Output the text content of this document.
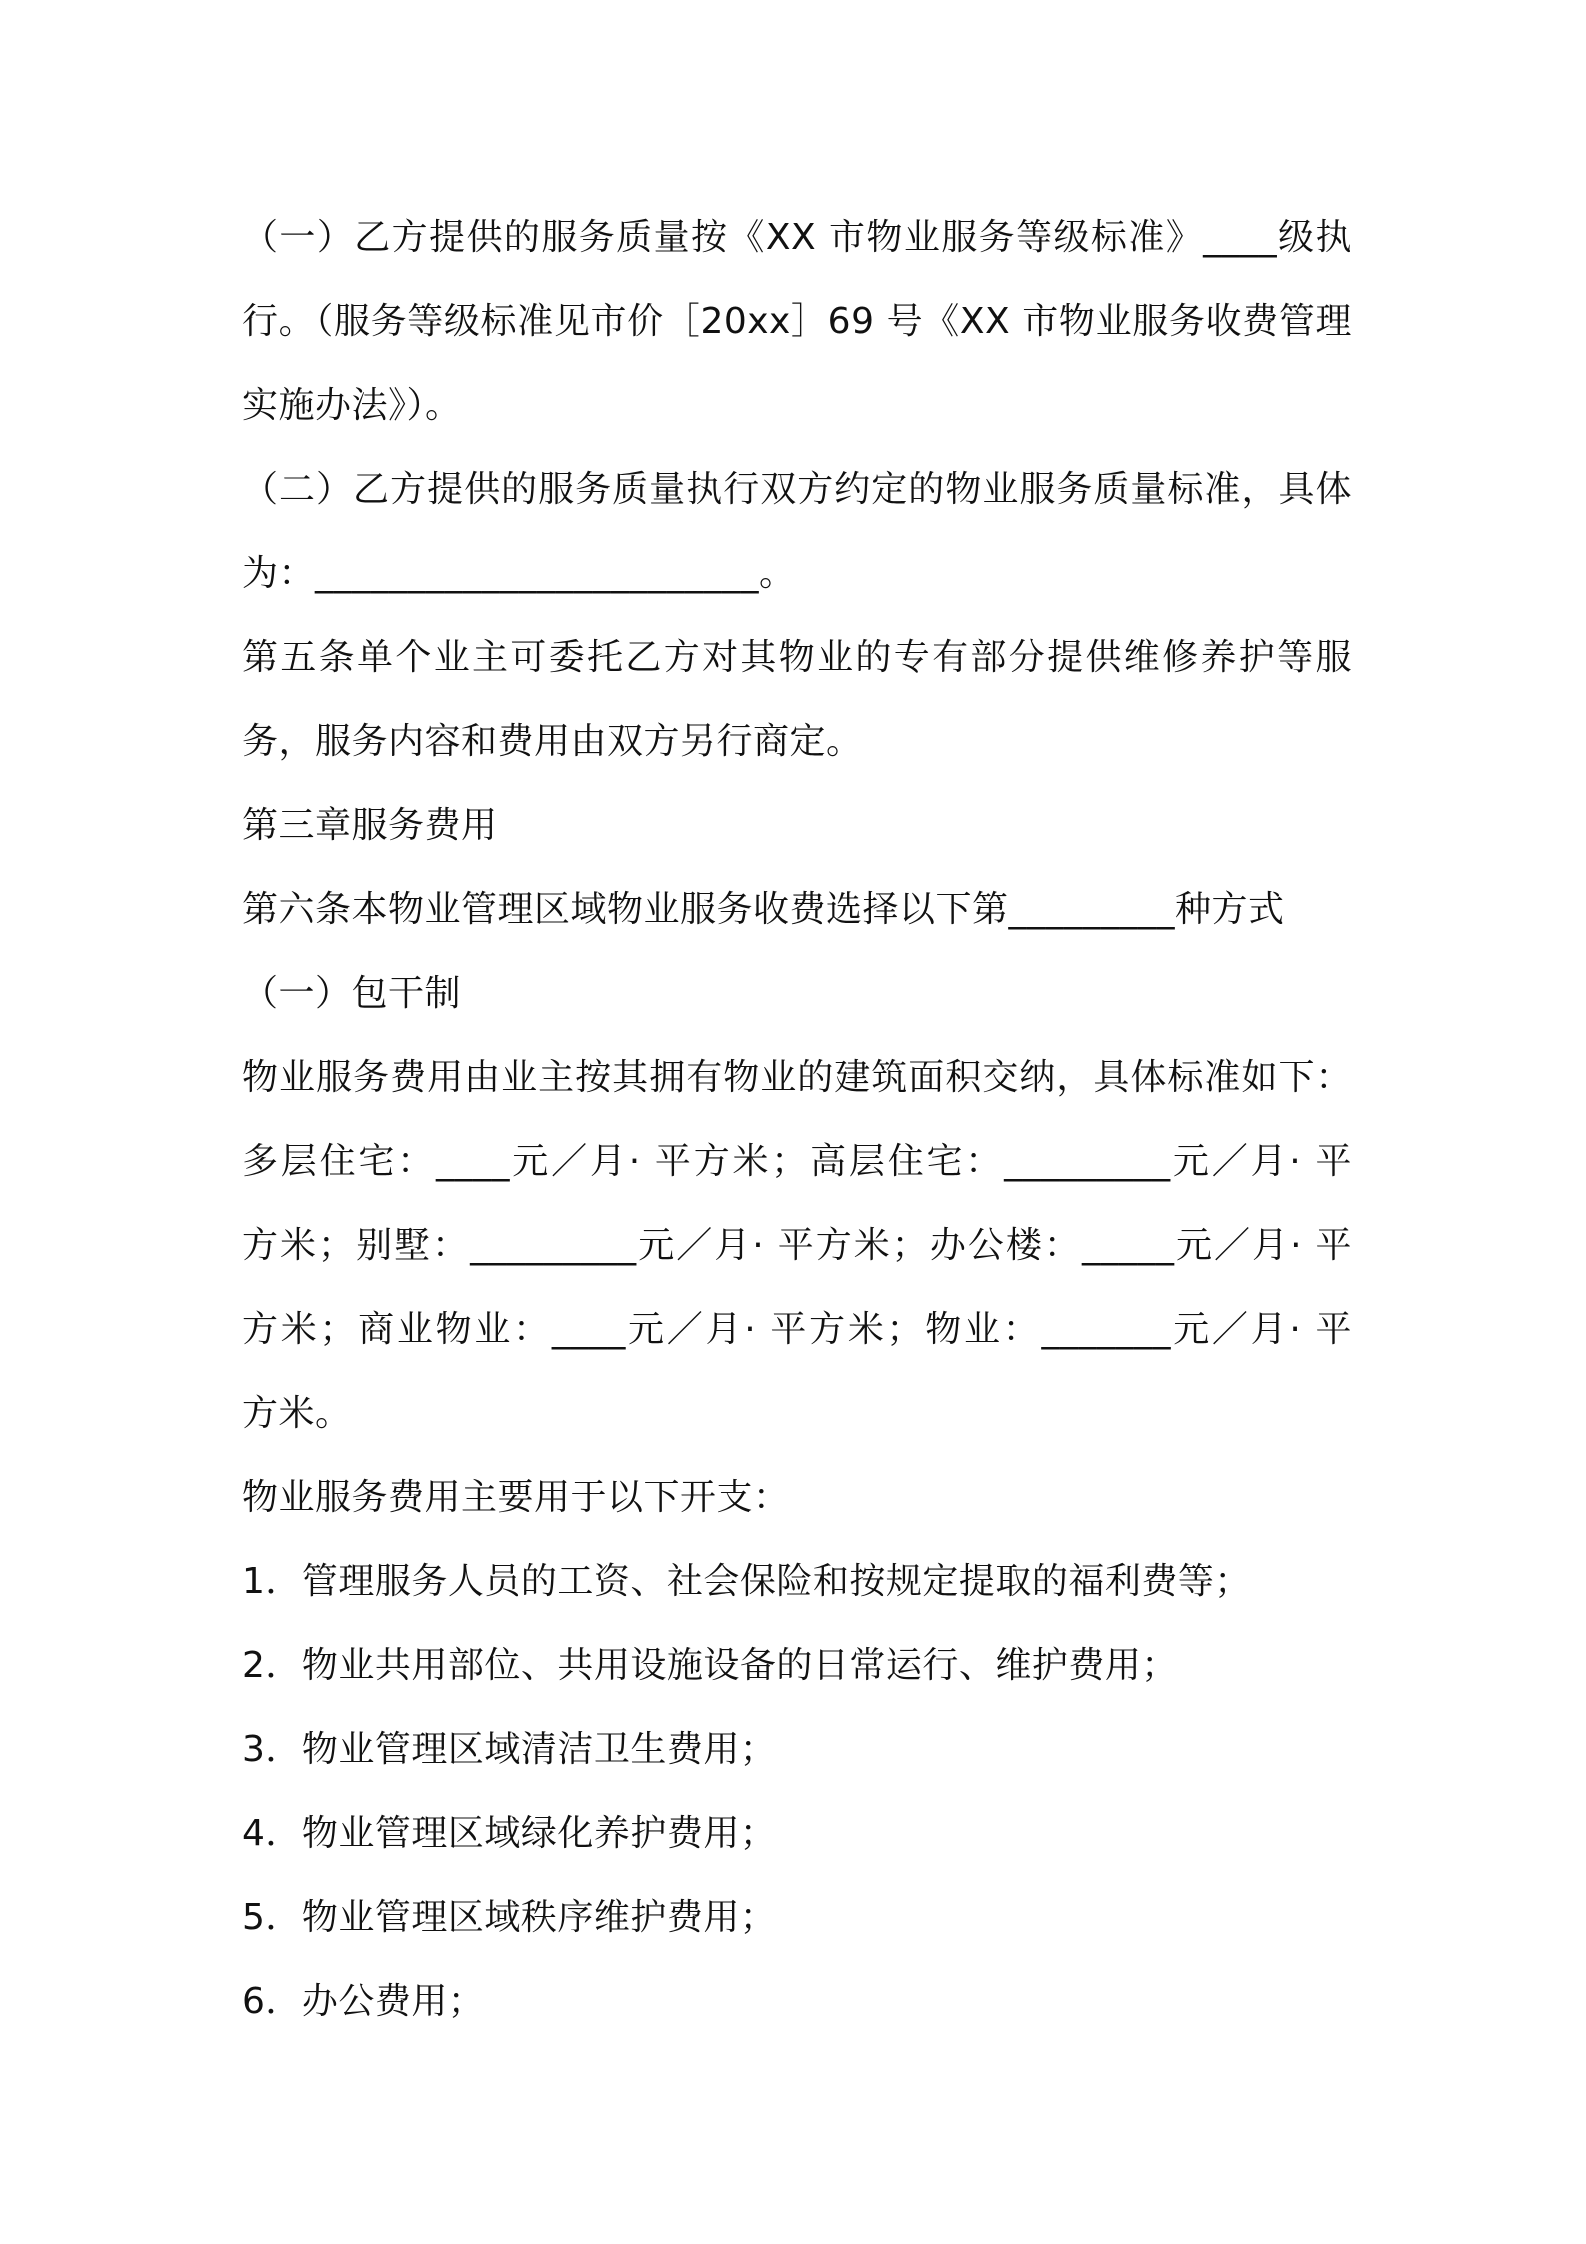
（一）乙方提供的服务质量按《XX 市物业服务等级标准》____级执
行。（服务等级标准见市价［20xx］69 号《XX 市物业服务收费管理
实施办法》）。
（二）乙方提供的服务质量执行双方约定的物业服务质量标准，具体
为：________________________。
第五条单个业主可委托乙方对其物业的专有部分提供维修养护等服
务，服务内容和费用由双方另行商定。
第三章服务费用
第六条本物业管理区域物业服务收费选择以下第_________种方式
（一）包干制
物业服务费用由业主按其拥有物业的建筑面积交纳，具体标准如下：
多层住宅：____元／月· 平方米；高层住宅：_________元／月· 平
方米；别墅：_________元／月· 平方米；办公楼：_____元／月· 平
方米；商业物业：____元／月· 平方米；物业：_______元／月· 平
方米。
物业服务费用主要用于以下开支：
1．管理服务人员的工资、社会保险和按规定提取的福利费等；
2．物业共用部位、共用设施设备的日常运行、维护费用；
3．物业管理区域清洁卫生费用；
4．物业管理区域绿化养护费用；
5．物业管理区域秩序维护费用；
6．办公费用；
